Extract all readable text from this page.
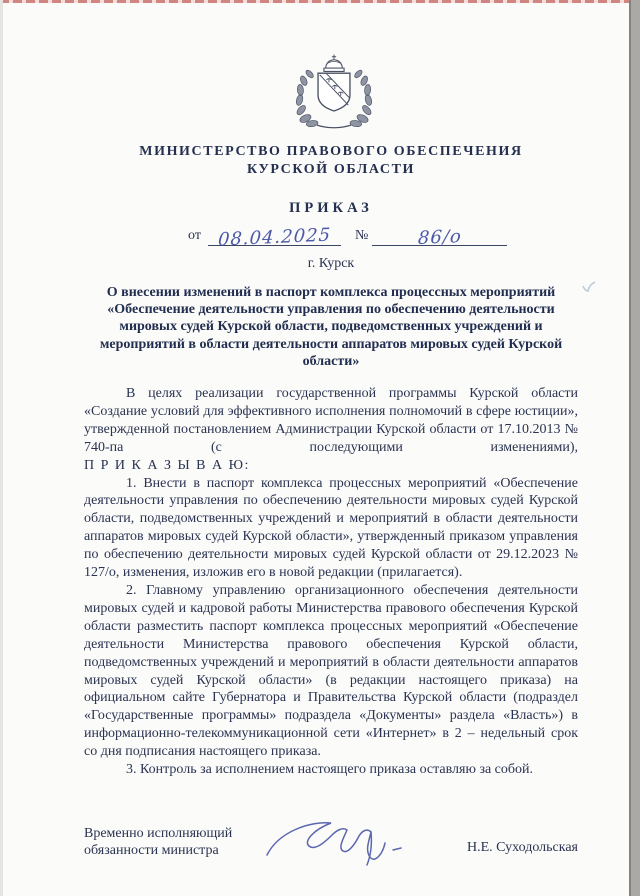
МИНИСТЕРСТВО ПРАВОВОГО ОБЕСПЕЧЕНИЯ
КУРСКОЙ ОБЛАСТИ
ПРИКАЗ
от 08.04.2025 №	86/о
г. Курск
О внесении изменений в паспорт комплекса процессных мероприятий «Обеспечение деятельности управления по обеспечению деятельности мировых судей Курской области, подведомственных учреждений и мероприятий в области деятельности аппаратов мировых судей Курской области»

В целях реализации государственной программы Курской области «Создание условий для эффективного исполнения полномочий в сфере юстиции», утвержденной постановлением Администрации Курской области от 17.10.2013 № 740-па (с последующими изменениями),

П Р И К А З Ы В А Ю:

1. Внести в паспорт комплекса процессных мероприятий «Обеспечение деятельности управления по обеспечению деятельности мировых судей Курской области, подведомственных учреждений и мероприятий в области деятельности аппаратов мировых судей Курской области», утвержденный приказом управления по обеспечению деятельности мировых судей Курской области от 29.12.2023 № 127/о, изменения, изложив его в новой редакции (прилагается).

2. Главному управлению организационного обеспечения деятельности мировых судей и кадровой работы Министерства правового обеспечения Курской области разместить паспорт комплекса процессных мероприятий «Обеспечение деятельности Министерства правового обеспечения Курской области, подведомственных учреждений и мероприятий в области деятельности аппаратов мировых судей Курской области» (в редакции настоящего приказа) на официальном сайте Губернатора и Правительства Курской области (подраздел «Государственные программы» подраздела «Документы» раздела «Власть») в информационно-телекоммуникационной сети «Интернет» в 2 – недельный срок со дня подписания настоящего приказа.

3. Контроль за исполнением настоящего приказа оставляю за собой.

Временно исполняющий
обязанности министра	Н.Е. Суходольская
